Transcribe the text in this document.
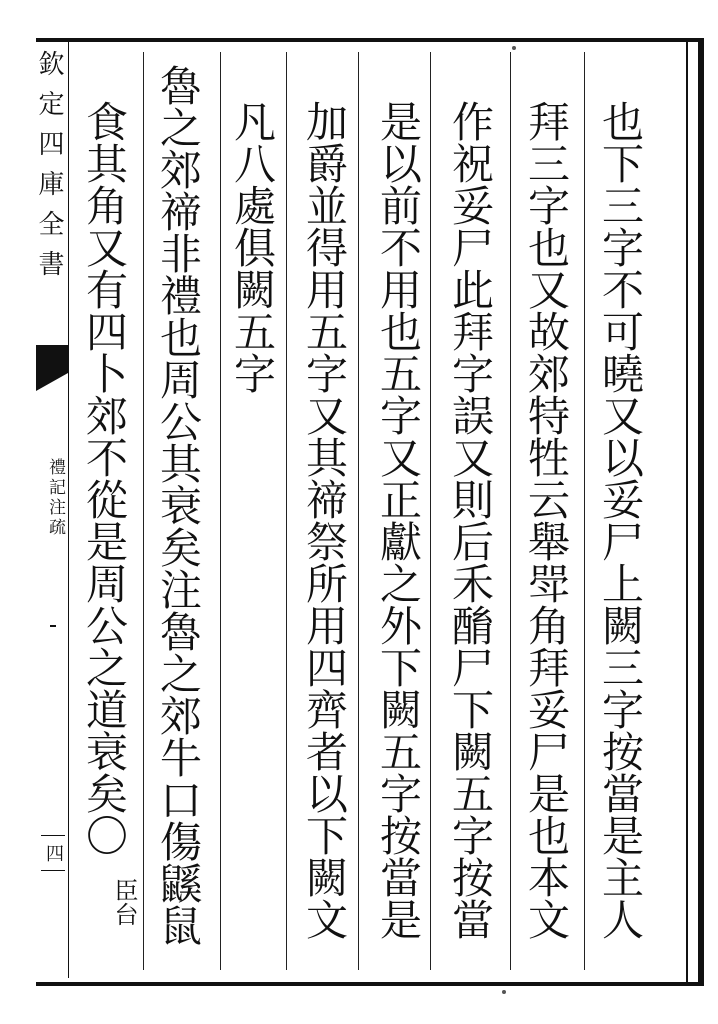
欽定四庫全書
禮記注疏
四	也下三字不可曉又以妥尸上闕三字按當是主人
拜三字也又故郊特牲云舉斝角拜妥尸是也本文
作祝妥尸此拜字誤又則后禾酳尸下闕五字按當
是以前不用也五字又正獻之外下闕五字按當是
加爵並得用五字又其禘祭所用四齊者以下闕文
凡八處俱闕五字
魯之郊禘非禮也周公其衰矣注魯之郊牛口傷鼷鼠
食其角又有四卜郊不從是周公之道衰矣〇
臣台
